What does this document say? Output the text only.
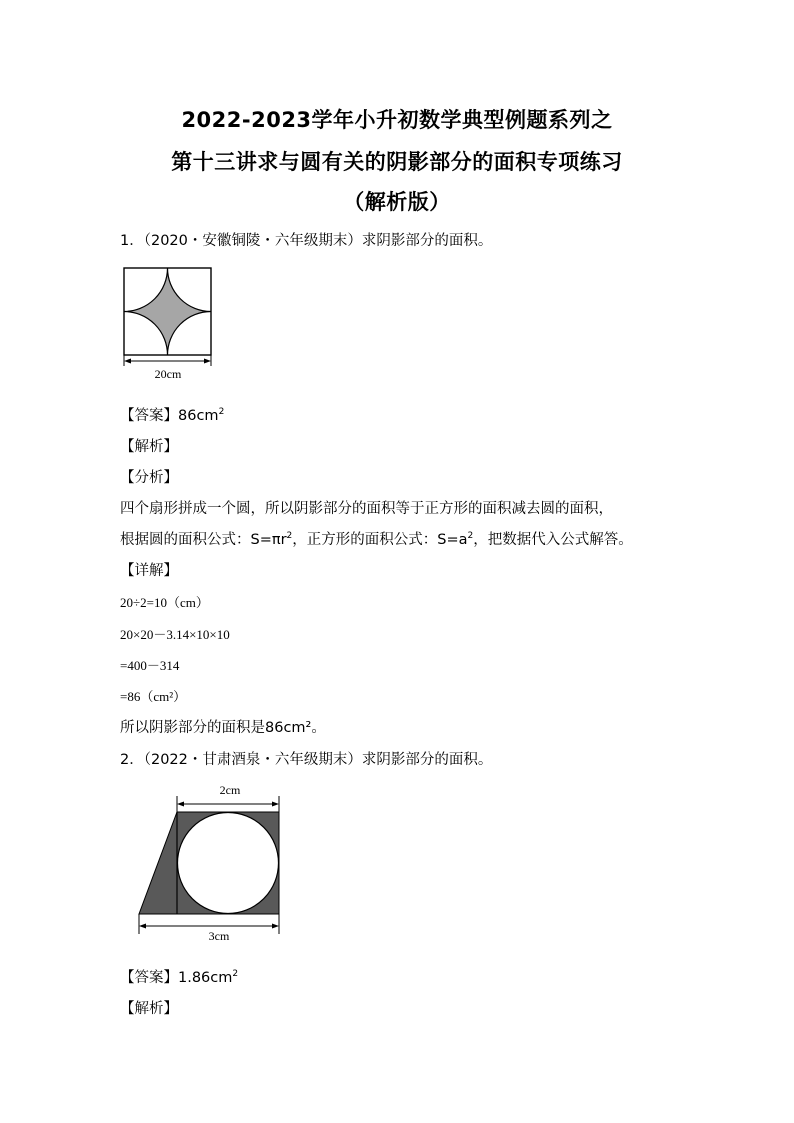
2022-2023学年小升初数学典型例题系列之
第十三讲求与圆有关的阴影部分的面积专项练习
（解析版）
1．（2020・安徽铜陵・六年级期末）求阴影部分的面积。
20cm
【答案】$86cm^2$
【解析】
【分析】
四个扇形拼成一个圆，所以阴影部分的面积等于正方形的面积减去圆的面积，
根据圆的面积公式：$S=\pi r^2$，正方形的面积公式：$S=a^2$，把数据代入公式解答。
【详解】
20÷2=10（cm）
20×20－3.14×10×10
=400－314
=86（cm²）
所以阴影部分的面积是86cm²。
2．（2022・甘肃酒泉・六年级期末）求阴影部分的面积。
2cm
3cm
【答案】$1.86cm^2$
【解析】
